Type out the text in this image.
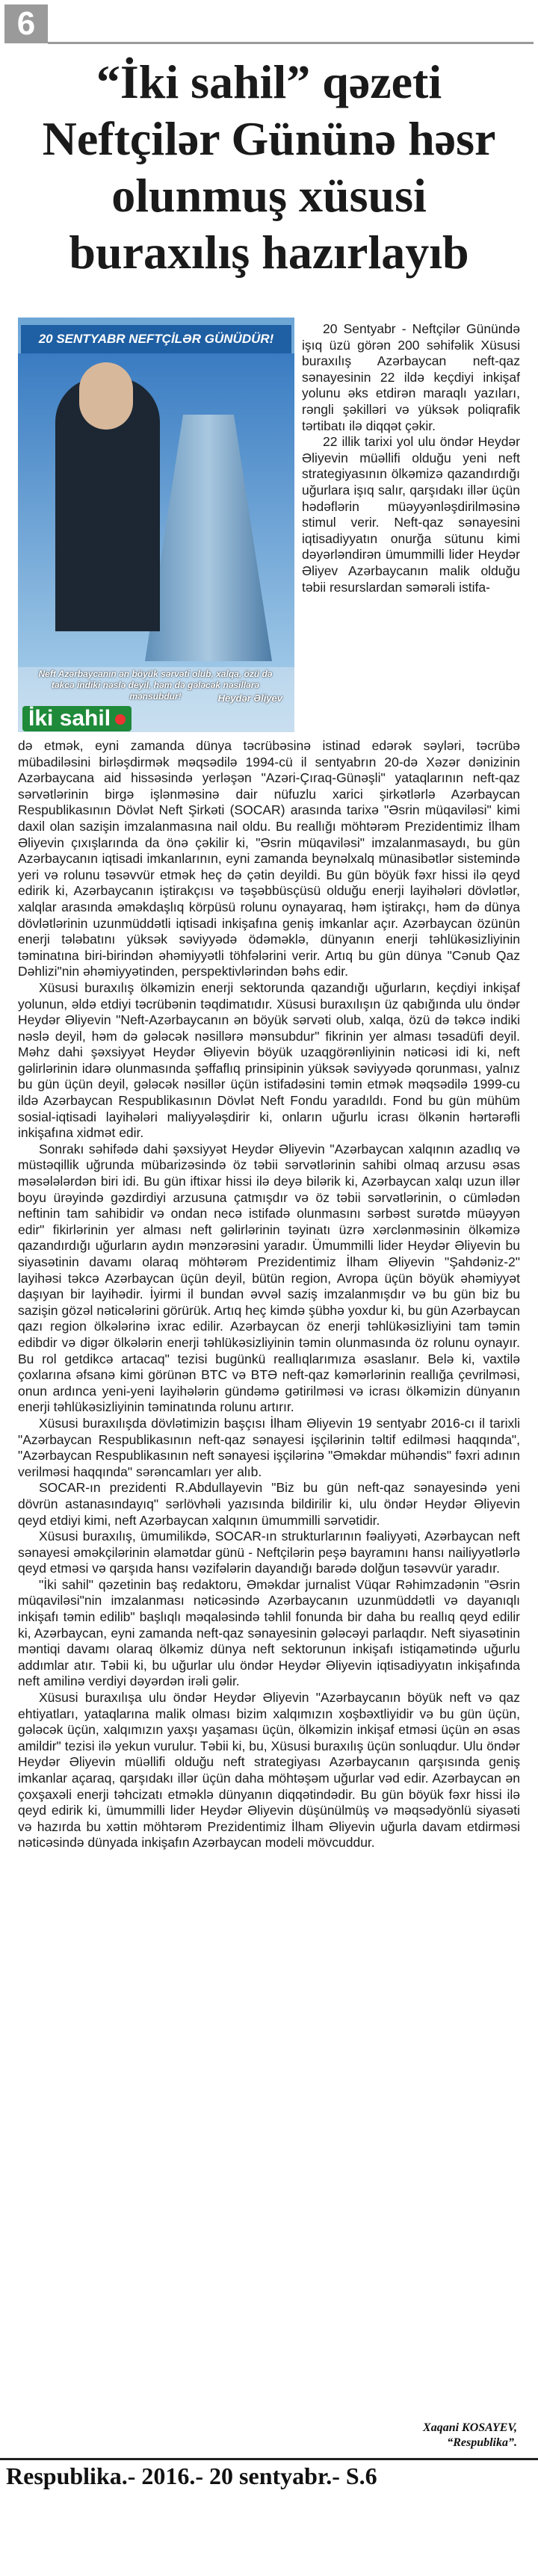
6
“İki sahil” qəzeti Neftçilər Gününə həsr olunmuş xüsusi buraxılış hazırlayıb
20 SENTYABR NEFTÇİLƏR GÜNÜDÜR!
Neft Azərbaycanın ən böyük sərvəti olub, xalqa, özü də təkcə indiki nəslə deyil, həm də gələcək nəsillərə mənsubdur!	Heydər Əliyev
İki sahil

20 Sentyabr - Neftçilər Günündə işıq üzü görən 200 səhifəlik Xüsusi buraxılış Azərbaycan neft-qaz sənayesinin 22 ildə keçdiyi inkişaf yolunu əks etdirən maraqlı yazıları, rəngli şəkilləri və yüksək poliqrafik tərtibatı ilə diqqət çəkir.

22 illik tarixi yol ulu öndər Heydər Əliyevin müəllifi olduğu yeni neft strategiyasının ölkəmizə qazandırdığı uğurlara işıq salır, qarşıdakı illər üçün hədəflərin müəyyənləşdirilməsinə stimul verir. Neft-qaz sənayesini iqtisadiyyatın onurğa sütunu kimi dəyərləndirən ümummilli lider Heydər Əliyev Azərbaycanın malik olduğu təbii resurslardan səmərəli istifa-

də etmək, eyni zamanda dünya təcrübəsinə istinad edərək səyləri, təcrübə mübadiləsini birləşdirmək məqsədilə 1994-cü il sentyabrın 20-də Xəzər dənizinin Azərbaycana aid hissəsində yerləşən "Azəri-Çıraq-Günəşli" yataqlarının neft-qaz sərvətlərinin birgə işlənməsinə dair nüfuzlu xarici şirkətlərlə Azərbaycan Respublikasının Dövlət Neft Şirkəti (SOCAR) arasında tarixə "Əsrin müqaviləsi" kimi daxil olan sazişin imzalanmasına nail oldu. Bu reallığı möhtərəm Prezidentimiz İlham Əliyevin çıxışlarında da önə çəkilir ki, "Əsrin müqaviləsi" imzalanmasaydı, bu gün Azərbaycanın iqtisadi imkanlarının, eyni zamanda beynəlxalq münasibətlər sistemində yeri və rolunu təsəvvür etmək heç də çətin deyildi. Bu gün böyük fəxr hissi ilə qeyd edirik ki, Azərbaycanın iştirakçısı və təşəbbüsçüsü olduğu enerji layihələri dövlətlər, xalqlar arasında əməkdaşlıq körpüsü rolunu oynayaraq, həm iştirakçı, həm də dünya dövlətlərinin uzunmüddətli iqtisadi inkişafına geniş imkanlar açır. Azərbaycan özünün enerji tələbatını yüksək səviyyədə ödəməklə, dünyanın enerji təhlükəsizliyinin təminatına biri-birindən əhəmiyyətli töhfələrini verir. Artıq bu gün dünya "Cənub Qaz Dəhlizi"nin əhəmiyyətinden, perspektivlərindən bəhs edir.

Xüsusi buraxılış ölkəmizin enerji sektorunda qazandığı uğurların, keçdiyi inkişaf yolunun, əldə etdiyi təcrübənin təqdimatıdır. Xüsusi buraxılışın üz qabığında ulu öndər Heydər Əliyevin "Neft-Azərbaycanın ən böyük sərvəti olub, xalqa, özü də təkcə indiki nəslə deyil, həm də gələcək nəsillərə mənsubdur" fikrinin yer alması təsadüfi deyil. Məhz dahi şəxsiyyət Heydər Əliyevin böyük uzaqgörənliyinin nəticəsi idi ki, neft gəlirlərinin idarə olunmasında şəffaflıq prinsipinin yüksək səviyyədə qorunması, yalnız bu gün üçün deyil, gələcək nəsillər üçün istifadəsini təmin etmək məqsədilə 1999-cu ildə Azərbaycan Respublikasının Dövlət Neft Fondu yaradıldı. Fond bu gün mühüm sosial-iqtisadi layihələri maliyyələşdirir ki, onların uğurlu icrası ölkənin hərtərəfli inkişafına xidmət edir.

Sonrakı səhifədə dahi şəxsiyyət Heydər Əliyevin "Azərbaycan xalqının azadlıq və müstəqillik uğrunda mübarizəsində öz təbii sərvətlərinin sahibi olmaq arzusu əsas məsələlərdən biri idi. Bu gün iftixar hissi ilə deyə bilərik ki, Azərbaycan xalqı uzun illər boyu ürəyində gəzdirdiyi arzusuna çatmışdır və öz təbii sərvətlərinin, o cümlədən neftinin tam sahibidir və ondan necə istifadə olunmasını sərbəst surətdə müəyyən edir" fikirlərinin yer alması neft gəlirlərinin təyinatı üzrə xərclənməsinin ölkəmizə qazandırdığı uğurların aydın mənzərəsini yaradır. Ümummilli lider Heydər Əliyevin bu siyasətinin davamı olaraq möhtərəm Prezidentimiz İlham Əliyevin "Şahdəniz-2" layihəsi təkcə Azərbaycan üçün deyil, bütün region, Avropa üçün böyük əhəmiyyət daşıyan bir layihədir. İyirmi il bundan əvvəl saziş imzalanmışdır və bu gün biz bu sazişin gözəl nəticələrini görürük. Artıq heç kimdə şübhə yoxdur ki, bu gün Azərbaycan qazı region ölkələrinə ixrac edilir. Azərbaycan öz enerji təhlükəsizliyini tam təmin edibdir və digər ölkələrin enerji təhlükəsizliyinin təmin olunmasında öz rolunu oynayır. Bu rol getdikcə artacaq" tezisi bugünkü reallıqlarımıza əsaslanır. Belə ki, vaxtilə çoxlarına əfsanə kimi görünən BTC və BTƏ neft-qaz kəmərlərinin reallığa çevrilməsi, onun ardınca yeni-yeni layihələrin gündəmə gətirilməsi və icrası ölkəmizin dünyanın enerji təhlükəsizliyinin təminatında rolunu artırır.

Xüsusi buraxılışda dövlətimizin başçısı İlham Əliyevin 19 sentyabr 2016-cı il tarixli "Azərbaycan Respublikasının neft-qaz sənayesi işçilərinin təltif edilməsi haqqında", "Azərbaycan Respublikasının neft sənayesi işçilərinə "Əməkdar mühəndis" fəxri adının verilməsi haqqında" sərəncamları yer alıb.

SOCAR-ın prezidenti R.Abdullayevin "Biz bu gün neft-qaz sənayesində yeni dövrün astanasındayıq" sərlövhəli yazısında bildirilir ki, ulu öndər Heydər Əliyevin qeyd etdiyi kimi, neft Azərbaycan xalqının ümummilli sərvətidir.

Xüsusi buraxılış, ümumilikdə, SOCAR-ın strukturlarının fəaliyyəti, Azərbaycan neft sənayesi əməkçilərinin əlamətdar günü - Neftçilərin peşə bayramını hansı nailiyyətlərlə qeyd etməsi və qarşıda hansı vəzifələrin dayandığı barədə dolğun təsəvvür yaradır.

"İki sahil" qəzetinin baş redaktoru, Əməkdar jurnalist Vüqar Rəhimzadənin "Əsrin müqaviləsi"nin imzalanması nəticəsində Azərbaycanın uzunmüddətli və dayanıqlı inkişafı təmin edilib" başlıqlı məqaləsində təhlil fonunda bir daha bu reallıq qeyd edilir ki, Azərbaycan, eyni zamanda neft-qaz sənayesinin gələcəyi parlaqdır. Neft siyasətinin məntiqi davamı olaraq ölkəmiz dünya neft sektorunun inkişafı istiqamətində uğurlu addımlar atır. Təbii ki, bu uğurlar ulu öndər Heydər Əliyevin iqtisadiyyatın inkişafında neft amilinə verdiyi dəyərdən irəli gəlir.

Xüsusi buraxılışa ulu öndər Heydər Əliyevin "Azərbaycanın böyük neft və qaz ehtiyatları, yataqlarına malik olması bizim xalqımızın xoşbəxtliyidir və bu gün üçün, gələcək üçün, xalqımızın yaxşı yaşaması üçün, ölkəmizin inkişaf etməsi üçün ən əsas amildir" tezisi ilə yekun vurulur. Təbii ki, bu, Xüsusi buraxılış üçün sonluqdur. Ulu öndər Heydər Əliyevin müəllifi olduğu neft strategiyası Azərbaycanın qarşısında geniş imkanlar açaraq, qarşıdakı illər üçün daha möhtəşəm uğurlar vəd edir. Azərbaycan ən çoxşaxəli enerji təhcizatı etməklə dünyanın diqqətindədir. Bu gün böyük fəxr hissi ilə qeyd edirik ki, ümummilli lider Heydər Əliyevin düşünülmüş və məqsədyönlü siyasəti və hazırda bu xəttin möhtərəm Prezidentimiz İlham Əliyevin uğurla davam etdirməsi nəticəsində dünyada inkişafın Azərbaycan modeli mövcuddur.

Xaqani KOSAYEV,
“Respublika”.
Respublika.- 2016.- 20 sentyabr.- S.6
